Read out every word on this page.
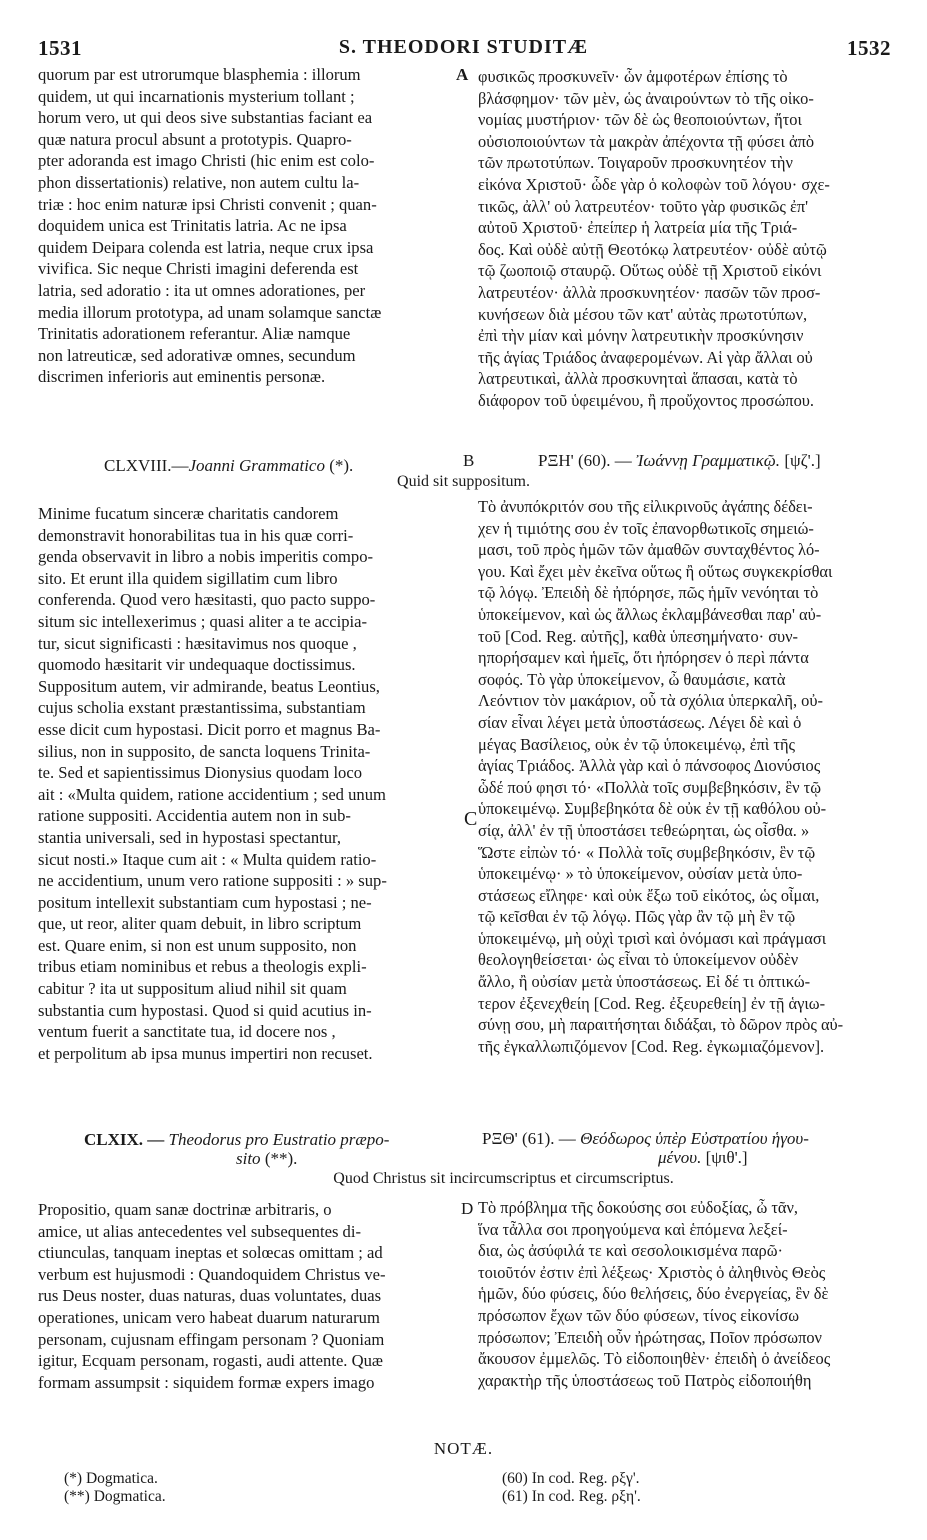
1531	S. THEODORI STUDITÆ	1532
quorum par est utrorumque blasphemia : illorum
quidem, ut qui incarnationis mysterium tollant ;
horum vero, ut qui deos sive substantias faciant ea
quæ natura procul absunt a prototypis. Quapro-
pter adoranda est imago Christi (hic enim est colo-
phon dissertationis) relative, non autem cultu la-
triæ : hoc enim naturæ ipsi Christi convenit ; quan-
doquidem unica est Trinitatis latria. Ac ne ipsa
quidem Deipara colenda est latria, neque crux ipsa
vivifica. Sic neque Christi imagini deferenda est
latria, sed adoratio : ita ut omnes adorationes, per
media illorum prototypa, ad unam solamque sanctæ
Trinitatis adorationem referantur. Aliæ namque
non latreuticæ, sed adorativæ omnes, secundum
discrimen inferioris aut eminentis personæ.
A φυσικῶς προσκυνεῖν· ὧν ἀμφοτέρων ἐπίσης τὸ
βλάσφημον· τῶν μὲν, ὡς ἀναιρούντων τὸ τῆς οἰκο-
νομίας μυστήριον· τῶν δὲ ὡς θεοποιούντων, ἤτοι
οὐσιοποιούντων τὰ μακρὰν ἀπέχοντα τῇ φύσει ἀπὸ
τῶν πρωτοτύπων. Τοιγαροῦν προσκυνητέον τὴν
εἰκόνα Χριστοῦ· ὧδε γὰρ ὁ κολοφὼν τοῦ λόγου· σχε-
τικῶς, ἀλλ' οὐ λατρευτέον· τοῦτο γὰρ φυσικῶς ἐπ'
αὐτοῦ Χριστοῦ· ἐπείπερ ἡ λατρεία μία τῆς Τριά-
δος. Καὶ οὐδὲ αὐτῇ Θεοτόκῳ λατρευτέον· οὐδὲ αὐτῷ
τῷ ζωοποιῷ σταυρῷ. Οὕτως οὐδὲ τῇ Χριστοῦ εἰκόνι
λατρευτέον· ἀλλὰ προσκυνητέον· πασῶν τῶν προσ-
κυνήσεων διὰ μέσου τῶν κατ' αὐτὰς πρωτοτύπων,
ἐπὶ τὴν μίαν καὶ μόνην λατρευτικὴν προσκύνησιν
τῆς ἁγίας Τριάδος ἀναφερομένων. Αἱ γὰρ ἄλλαι οὐ
λατρευτικαὶ, ἀλλὰ προσκυνηταὶ ἅπασαι, κατὰ τὸ
διάφορον τοῦ ὑφειμένου, ἢ προὔχοντος προσώπου.
CLXVIII.—Joanni Grammatico (*).	B	ΡΞΗ' (60). — Ἰωάννῃ Γραμματικῷ. [ψζ'.]
Quid sit suppositum.
Minime fucatum sinceræ charitatis candorem
demonstravit honorabilitas tua in his quæ corri-
genda observavit in libro a nobis imperitis compo-
sito. Et erunt illa quidem sigillatim cum libro
conferenda. Quod vero hæsitasti, quo pacto suppo-
situm sic intellexerimus ; quasi aliter a te accipia-
tur, sicut significasti : hæsitavimus nos quoque ,
quomodo hæsitarit vir undequaque doctissimus.
Suppositum autem, vir admirande, beatus Leontius,
cujus scholia exstant præstantissima, substantiam
esse dicit cum hypostasi. Dicit porro et magnus Ba-
silius, non in supposito, de sancta loquens Trinita-
te. Sed et sapientissimus Dionysius quodam loco
ait : «Multa quidem, ratione accidentium ; sed unum
ratione suppositi. Accidentia autem non in sub-
stantia universali, sed in hypostasi spectantur,
sicut nosti.» Itaque cum ait : « Multa quidem ratio-
ne accidentium, unum vero ratione suppositi : » sup-
positum intellexit substantiam cum hypostasi ; ne-
que, ut reor, aliter quam debuit, in libro scriptum
est. Quare enim, si non est unum supposito, non
tribus etiam nominibus et rebus a theologis expli-
cabitur ? ita ut suppositum aliud nihil sit quam
substantia cum hypostasi. Quod si quid acutius in-
ventum fuerit a sanctitate tua, id docere nos ,
et perpolitum ab ipsa munus impertiri non recuset.
C
Τὸ ἀνυπόκριτόν σου τῆς εἰλικρινοῦς ἀγάπης δέδει-
χεν ἡ τιμιότης σου ἐν τοῖς ἐπανορθωτικοῖς σημειώ-
μασι, τοῦ πρὸς ἡμῶν τῶν ἀμαθῶν συνταχθέντος λό-
γου. Καὶ ἔχει μὲν ἐκεῖνα οὕτως ἢ οὕτως συγκεκρίσθαι
τῷ λόγῳ. Ἐπειδὴ δὲ ἠπόρησε, πῶς ἡμῖν νενόηται τὸ
ὑποκείμενον, καὶ ὡς ἄλλως ἐκλαμβάνεσθαι παρ' αὐ-
τοῦ [Cod. Reg. αὐτῆς], καθὰ ὑπεσημήνατο· συν-
ηπορήσαμεν καὶ ἡμεῖς, ὅτι ἠπόρησεν ὁ περὶ πάντα
σοφός. Τὸ γὰρ ὑποκείμενον, ὦ θαυμάσιε, κατὰ
Λεόντιον τὸν μακάριον, οὗ τὰ σχόλια ὑπερκαλῆ, οὐ-
σίαν εἶναι λέγει μετὰ ὑποστάσεως. Λέγει δὲ καὶ ὁ
μέγας Βασίλειος, οὐκ ἐν τῷ ὑποκειμένῳ, ἐπὶ τῆς
ἁγίας Τριάδος. Ἀλλὰ γὰρ καὶ ὁ πάνσοφος Διονύσιος
ὧδέ πού φησι τό· «Πολλὰ τοῖς συμβεβηκόσιν, ἓν τῷ
ὑποκειμένῳ. Συμβεβηκότα δὲ οὐκ ἐν τῇ καθόλου οὐ-
σίᾳ, ἀλλ' ἐν τῇ ὑποστάσει τεθεώρηται, ὡς οἶσθα. »
Ὥστε εἰπὼν τό· « Πολλὰ τοῖς συμβεβηκόσιν, ἓν τῷ
ὑποκειμένῳ· » τὸ ὑποκείμενον, οὐσίαν μετὰ ὑπο-
στάσεως εἴληφε· καὶ οὐκ ἔξω τοῦ εἰκότος, ὡς οἶμαι,
τῷ κεῖσθαι ἐν τῷ λόγῳ. Πῶς γὰρ ἂν τῷ μὴ ἓν τῷ
ὑποκειμένῳ, μὴ οὐχὶ τρισὶ καὶ ὀνόμασι καὶ πράγμασι
θεολογηθείσεται· ὡς εἶναι τὸ ὑποκείμενον οὐδὲν
ἄλλο, ἢ οὐσίαν μετὰ ὑποστάσεως. Εἰ δέ τι ὀπτικώ-
τερον ἐξενεχθείη [Cod. Reg. ἐξευρεθείη] ἐν τῇ ἁγιω-
σύνῃ σου, μὴ παραιτήσηται διδάξαι, τὸ δῶρον πρὸς αὐ-
τῆς ἐγκαλλωπιζόμενον [Cod. Reg. ἐγκωμιαζόμενον].
CLXIX. — Theodorus pro Eustratio præpo-
sito (**).
ΡΞΘ' (61). — Θεόδωρος ὑπὲρ Εὐστρατίου ἡγου-
μένου. [ψιθ'.]
Quod Christus sit incircumscriptus et circumscriptus.
Propositio, quam sanæ doctrinæ arbitraris, o
amice, ut alias antecedentes vel subsequentes di-
ctiunculas, tanquam ineptas et solœcas omittam ; ad
verbum est hujusmodi : Quandoquidem Christus ve-
rus Deus noster, duas naturas, duas voluntates, duas
operationes, unicam vero habeat duarum naturarum
personam, cujusnam effingam personam ? Quoniam
igitur, Ecquam personam, rogasti, audi attente. Quæ
formam assumpsit : siquidem formæ expers imago
D Τὸ πρόβλημα τῆς δοκούσης σοι εὐδοξίας, ὦ τᾶν,
ἵνα τἆλλα σοι προηγούμενα καὶ ἑπόμενα λεξεί-
δια, ὡς ἀσύφιλά τε καὶ σεσολοικισμένα παρῶ·
τοιοῦτόν ἐστιν ἐπὶ λέξεως· Χριστὸς ὁ ἀληθινὸς Θεὸς
ἡμῶν, δύο φύσεις, δύο θελήσεις, δύο ἐνεργείας, ἓν δὲ
πρόσωπον ἔχων τῶν δύο φύσεων, τίνος εἰκονίσω
πρόσωπον; Ἐπειδὴ οὖν ἠρώτησας, Ποῖον πρόσωπον
ἄκουσον ἐμμελῶς. Τὸ εἰδοποιηθὲν· ἐπειδὴ ὁ ἀνείδεος
χαρακτὴρ τῆς ὑποστάσεως τοῦ Πατρὸς εἰδοποιήθη
NOTÆ.
(*) Dogmatica.
(**) Dogmatica.
(60) In cod. Reg. ρξγ'.
(61) In cod. Reg. ρξη'.
